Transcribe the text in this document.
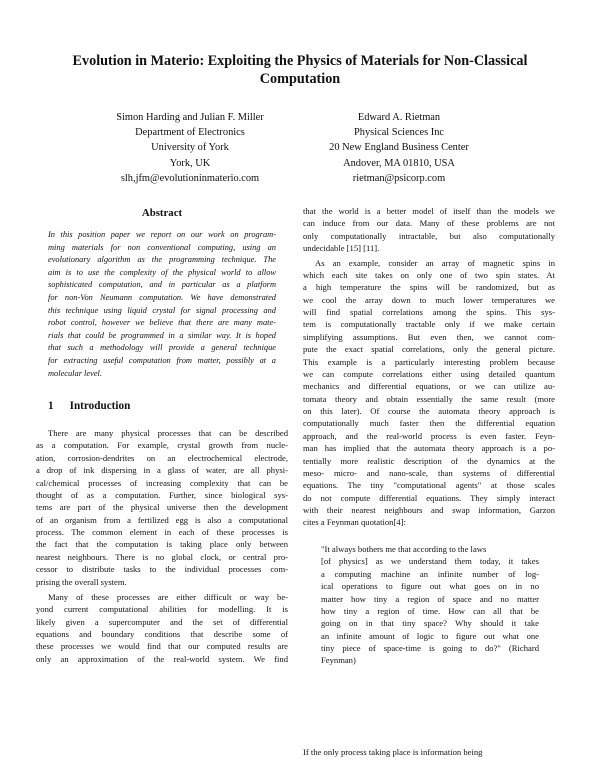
Evolution in Materio: Exploiting the Physics of Materials for Non-Classical
Computation
Simon Harding and Julian F. Miller
Department of Electronics
University of York
York, UK
slh,jfm@evolutioninmaterio.com
Edward A. Rietman
Physical Sciences Inc
20 New England Business Center
Andover, MA 01810, USA
rietman@psicorp.com
Abstract
In this position paper we report on our work on program-
ming materials for non conventional computing, using an
evolutionary algorithm as the programming technique. The
aim is to use the complexity of the physical world to allow
sophisticated computation, and in particular as a platform
for non-Von Neumann computation. We have demonstrated
this technique using liquid crystal for signal processing and
robot control, however we believe that there are many mate-
rials that could be programmed in a similar way. It is hoped
that such a methodology will provide a general technique
for extracting useful computation from matter, possibly at a
molecular level.
1 Introduction
There are many physical processes that can be described
as a computation. For example, crystal growth from nucle-
ation, corrosion-dendrites on an electrochemical electrode,
a drop of ink dispersing in a glass of water, are all physi-
cal/chemical processes of increasing complexity that can be
thought of as a computation. Further, since biological sys-
tems are part of the physical universe then the development
of an organism from a fertilized egg is also a computational
process. The common element in each of these processes is
the fact that the computation is taking place only between
nearest neighbours. There is no global clock, or central pro-
cessor to distribute tasks to the individual processes com-
prising the overall system.
Many of these processes are either difficult or way be-
yond current computational abilities for modelling. It is
likely given a supercomputer and the set of differential
equations and boundary conditions that describe some of
these processes we would find that our computed results are
only an approximation of the real-world system. We find
that the world is a better model of itself than the models we
can induce from our data. Many of these problems are not
only computationally intractable, but also computationally
undecidable [15] [11].
As an example, consider an array of magnetic spins in
which each site takes on only one of two spin states. At
a high temperature the spins will be randomized, but as
we cool the array down to much lower temperatures we
will find spatial correlations among the spins. This sys-
tem is computationally tractable only if we make certain
simplifying assumptions. But even then, we cannot com-
pute the exact spatial correlations, only the general picture.
This example is a particularly interesting problem because
we can compute correlations either using detailed quantum
mechanics and differential equations, or we can utilize au-
tomata theory and obtain essentially the same result (more
on this later). Of course the automata theory approach is
computationally much faster then the differential equation
approach, and the real-world process is even faster. Feyn-
man has implied that the automata theory approach is a po-
tentially more realistic description of the dynamics at the
meso- micro- and nano-scale, than systems of differential
equations. The tiny "computational agents" at those scales
do not compute differential equations. They simply interact
with their nearest neighbours and swap information, Garzon
cites a Feynman quotation[4]:
"It always bothers me that according to the laws
[of physics] as we understand them today, it takes
a computing machine an infinite number of log-
ical operations to figure out what goes on in no
matter how tiny a region of space and no matter
how tiny a region of time. How can all that be
going on in that tiny space? Why should it take
an infinite amount of logic to figure out what one
tiny piece of space-time is going to do?" (Richard
Feynman)
If the only process taking place is information being
